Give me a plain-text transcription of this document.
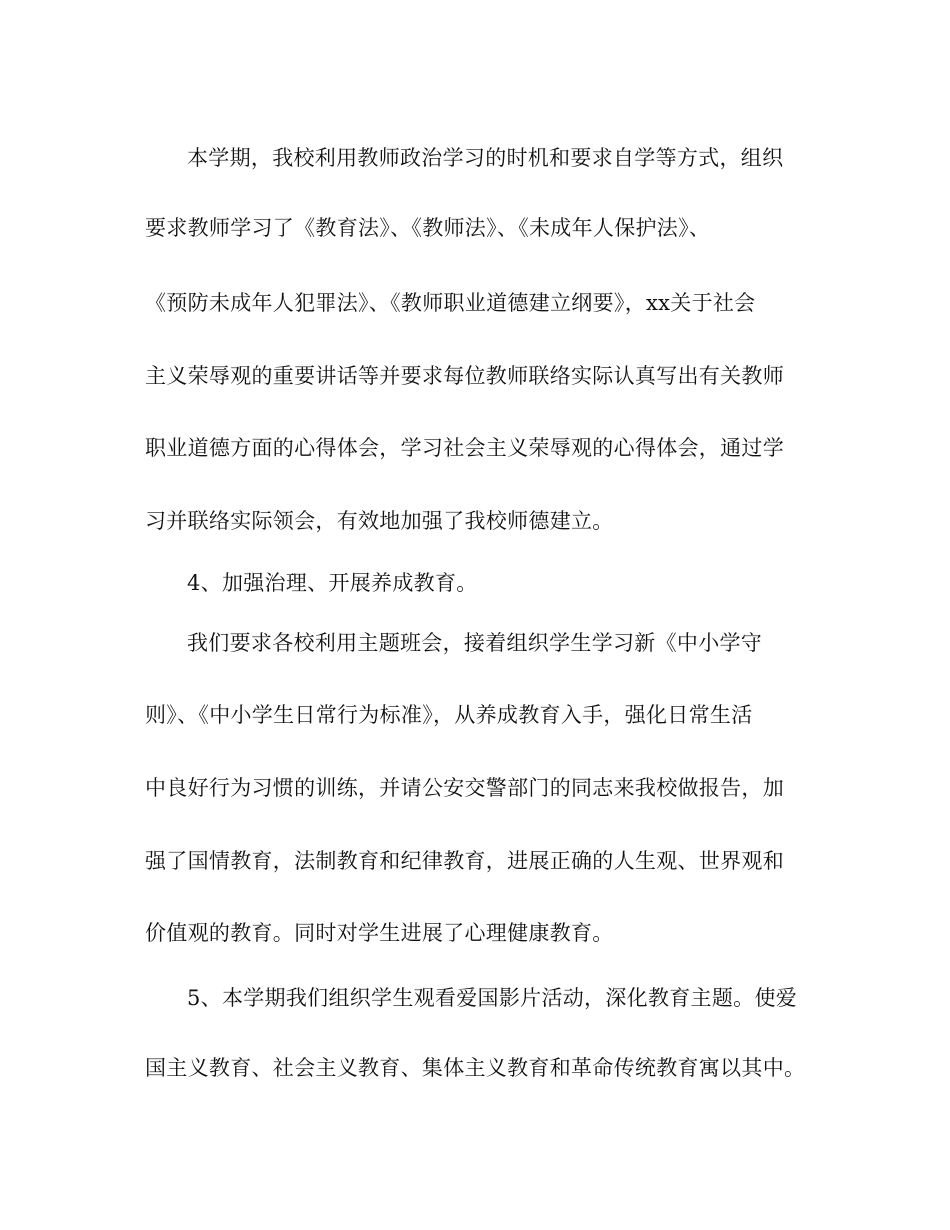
本学期，我校利用教师政治学习的时机和要求自学等方式，组织
要求教师学习了《教育法》、《教师法》、《未成年人保护法》、
《预防未成年人犯罪法》、《教师职业道德建立纲要》，xx关于社会
主义荣辱观的重要讲话等并要求每位教师联络实际认真写出有关教师
职业道德方面的心得体会，学习社会主义荣辱观的心得体会，通过学
习并联络实际领会，有效地加强了我校师德建立。
4、加强治理、开展养成教育。
我们要求各校利用主题班会，接着组织学生学习新《中小学守
则》、《中小学生日常行为标准》，从养成教育入手，强化日常生活
中良好行为习惯的训练，并请公安交警部门的同志来我校做报告，加
强了国情教育，法制教育和纪律教育，进展正确的人生观、世界观和
价值观的教育。同时对学生进展了心理健康教育。
5、本学期我们组织学生观看爱国影片活动，深化教育主题。使爱
国主义教育、社会主义教育、集体主义教育和革命传统教育寓以其中。
